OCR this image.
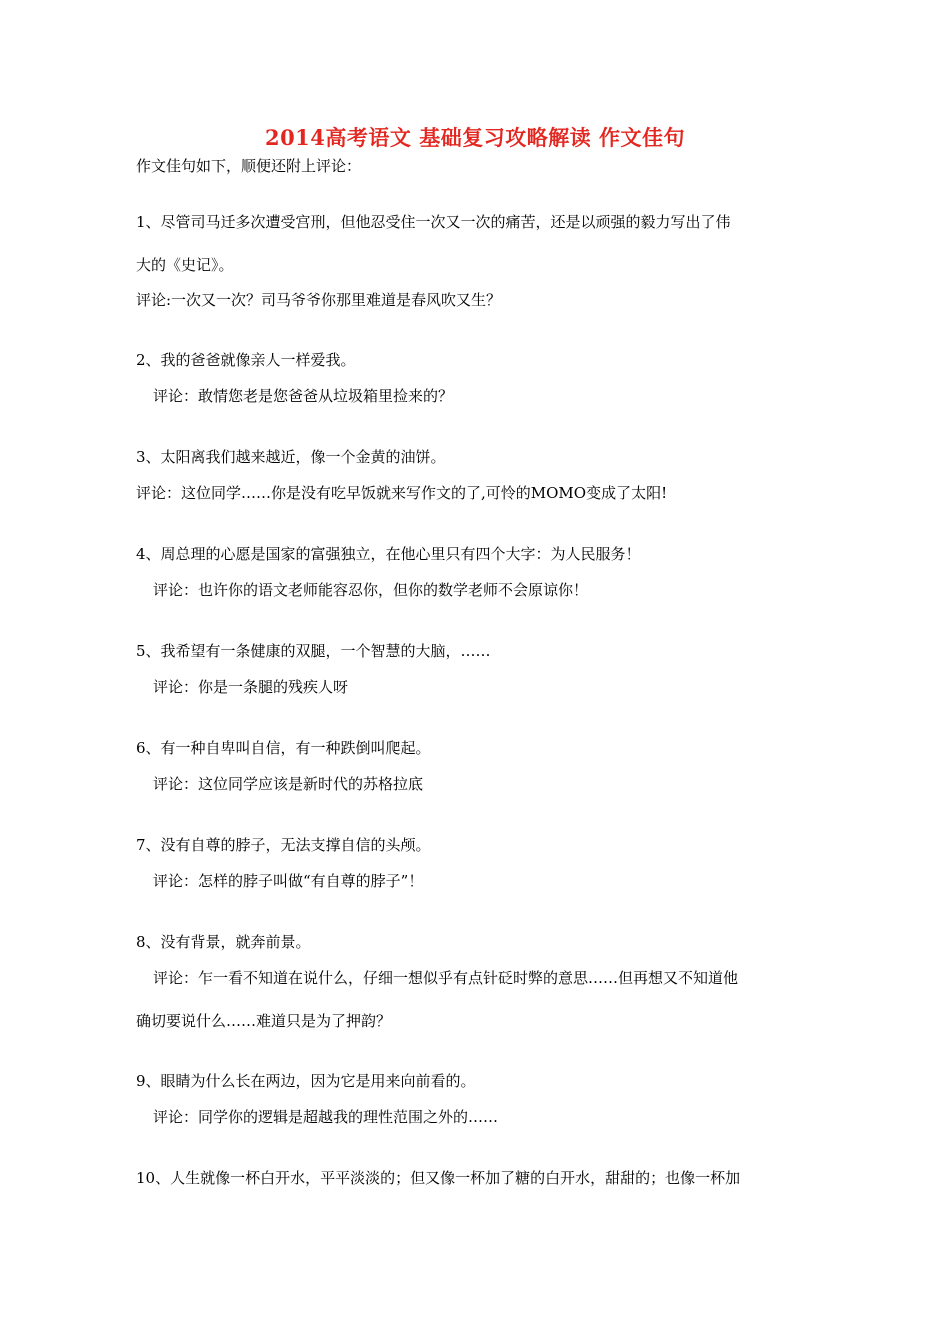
2014高考语文 基础复习攻略解读 作文佳句
作文佳句如下，顺便还附上评论：
1、尽管司马迁多次遭受宫刑，但他忍受住一次又一次的痛苦，还是以顽强的毅力写出了伟
大的《史记》。
评论:一次又一次？司马爷爷你那里难道是春风吹又生？
2、我的爸爸就像亲人一样爱我。
评论：敢情您老是您爸爸从垃圾箱里捡来的？
3、太阳离我们越来越近，像一个金黄的油饼。
评论：这位同学……你是没有吃早饭就来写作文的了,可怜的MOMO变成了太阳!
4、周总理的心愿是国家的富强独立，在他心里只有四个大字：为人民服务！
评论：也许你的语文老师能容忍你，但你的数学老师不会原谅你！
5、我希望有一条健康的双腿，一个智慧的大脑，……
评论：你是一条腿的残疾人呀
6、有一种自卑叫自信，有一种跌倒叫爬起。
评论：这位同学应该是新时代的苏格拉底
7、没有自尊的脖子，无法支撑自信的头颅。
评论：怎样的脖子叫做“有自尊的脖子”！
8、没有背景，就奔前景。
评论：乍一看不知道在说什么，仔细一想似乎有点针砭时弊的意思……但再想又不知道他
确切要说什么……难道只是为了押韵？
9、眼睛为什么长在两边，因为它是用来向前看的。
评论：同学你的逻辑是超越我的理性范围之外的……
10、人生就像一杯白开水，平平淡淡的；但又像一杯加了糖的白开水，甜甜的；也像一杯加
